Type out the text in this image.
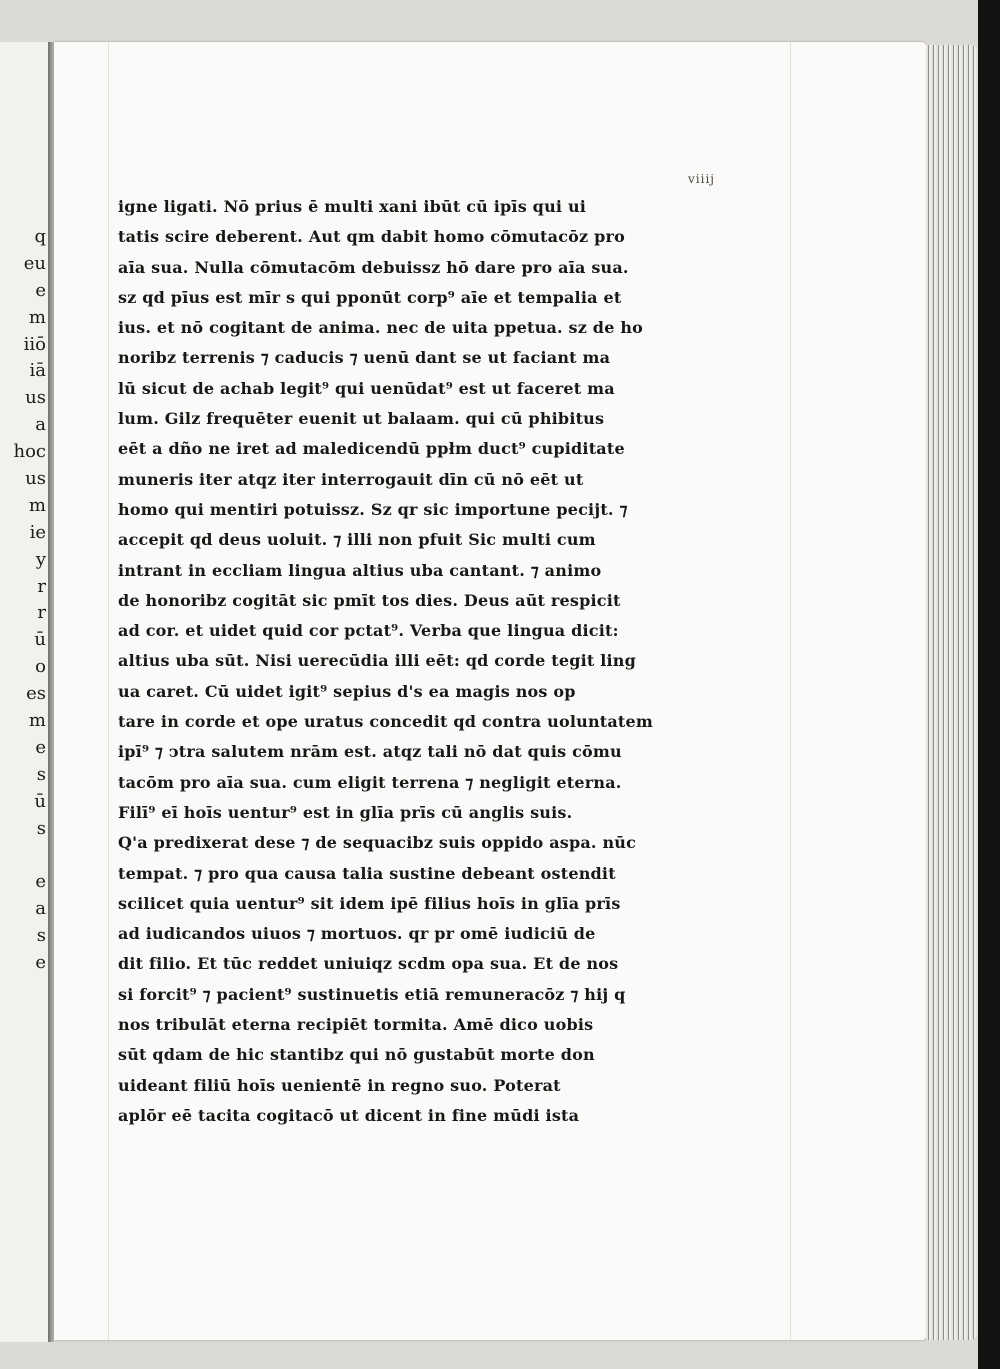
q
eu
e
m
iiō
iā
us
a
hoc
us
m
ie
y
r
r
ū
o
es
m
e
s
ū
s
e
a
s
e
viiij
igne ligati. Nō prius ē multi xani ibūt cū ipīs qui ui
tatis scire deberent. Aut qm dabit homo cōmutacōz pro
aīa sua. Nulla cōmutacōm debuissz hō dare pro aīa sua.
sz qd pīus est mīr s qui pponūt corp⁹ aīe et tempalia et
ius. et nō cogitant de anima. nec de uita ppetua. sz de ho
noribz terrenis ⁊ caducis ⁊ uenū dant se ut faciant ma
lū sicut de achab legit⁹ qui uenūdat⁹ est ut faceret ma
lum. Gilz frequēter euenit ut balaam. qui cū phibitus
eēt a dño ne iret ad maledicendū ppłm duct⁹ cupiditate
muneris iter atqz iter interrogauit dīn cū nō eēt ut
homo qui mentiri potuissz. Sz qr sic importune pecijt. ⁊
accepit qd deus uoluit. ⁊ illi non pfuit Sic multi cum
intrant in eccliam lingua altius uba cantant. ⁊ animo
de honoribz cogitāt sic pmīt tos dies. Deus aūt respicit
ad cor. et uidet quid cor pctat⁹. Verba que lingua dicit:
altius uba sūt. Nisi uerecūdia illi eēt: qd corde tegit ling
ua caret. Cū uidet igit⁹ sepius d's ea magis nos op
tare in corde et ope uratus concedit qd contra uoluntatem
ipī⁹ ⁊ ↄtra salutem nrām est. atqz tali nō dat quis cōmu
tacōm pro aīa sua. cum eligit terrena ⁊ negligit eterna.
Filī⁹ eī hoīs uentur⁹ est in glīa prīs cū anglis suis.
Q'a predixerat dese ⁊ de sequacibz suis oppido aspa. nūc
tempat. ⁊ pro qua causa talia sustine debeant ostendit
scilicet quia uentur⁹ sit idem ipē filius hoīs in glīa prīs
ad iudicandos uiuos ⁊ mortuos. qr pr omē iudiciū de
dit filio. Et tūc reddet uniuiqz scdm opa sua. Et de nos
si forcit⁹ ⁊ pacient⁹ sustinuetis etiā remuneracōz ⁊ hij q
nos tribulāt eterna recipiēt tormita. Amē dico uobis
sūt qdam de hic stantibz qui nō gustabūt morte don
uideant filiū hoīs uenientē in regno suo. Poterat
aplōr eē tacita cogitacō ut dicent in fine mūdi ista
